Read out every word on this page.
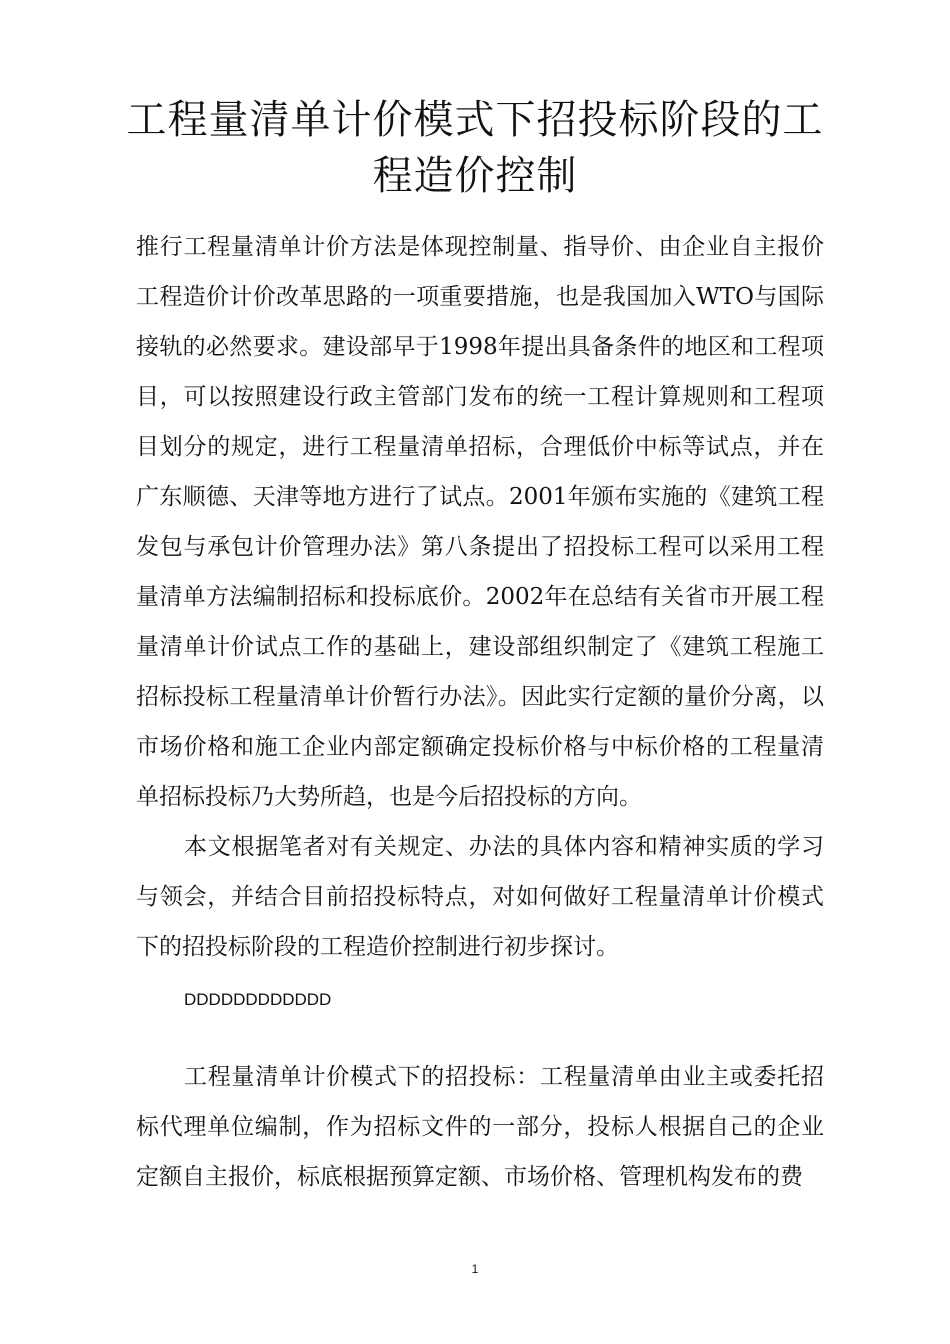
工程量清单计价模式下招投标阶段的工程造价控制

推行工程量清单计价方法是体现控制量、指导价、由企业自主报价工程造价计价改革思路的一项重要措施，也是我国加入WTO与国际接轨的必然要求。建设部早于1998年提出具备条件的地区和工程项目，可以按照建设行政主管部门发布的统一工程计算规则和工程项目划分的规定，进行工程量清单招标，合理低价中标等试点，并在广东顺德、天津等地方进行了试点。2001年颁布实施的《建筑工程发包与承包计价管理办法》第八条提出了招投标工程可以采用工程量清单方法编制招标和投标底价。2002年在总结有关省市开展工程量清单计价试点工作的基础上，建设部组织制定了《建筑工程施工招标投标工程量清单计价暂行办法》。因此实行定额的量价分离，以市场价格和施工企业内部定额确定投标价格与中标价格的工程量清单招标投标乃大势所趋，也是今后招投标的方向。

本文根据笔者对有关规定、办法的具体内容和精神实质的学习与领会，并结合目前招投标特点，对如何做好工程量清单计价模式下的招投标阶段的工程造价控制进行初步探讨。

DDDDDDDDDDDD

工程量清单计价模式下的招投标：工程量清单由业主或委托招标代理单位编制，作为招标文件的一部分，投标人根据自己的企业定额自主报价，标底根据预算定额、市场价格、管理机构发布的费

1
